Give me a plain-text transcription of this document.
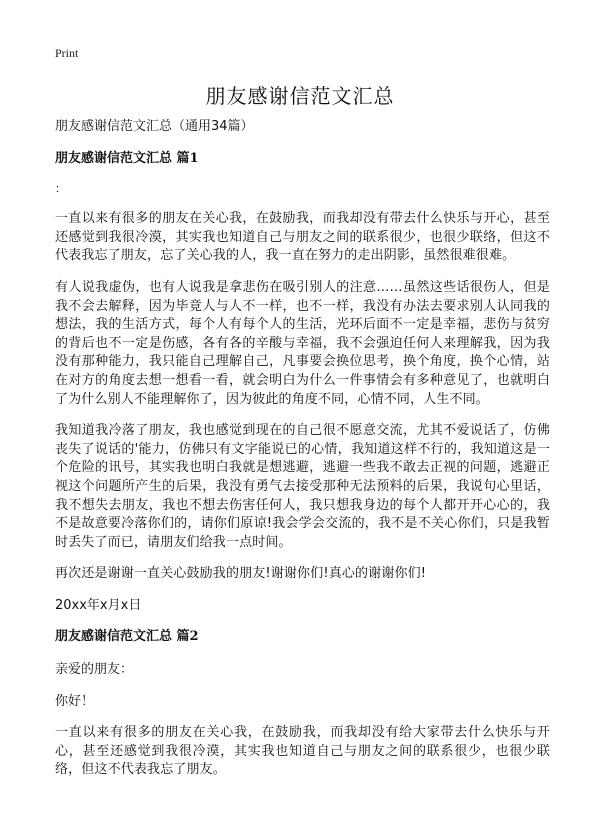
Print
朋友感谢信范文汇总

朋友感谢信范文汇总（通用34篇）

朋友感谢信范文汇总 篇1

：

一直以来有很多的朋友在关心我，在鼓励我，而我却没有带去什么快乐与开心，甚至还感觉到我很冷漠，其实我也知道自己与朋友之间的联系很少，也很少联络，但这不代表我忘了朋友，忘了关心我的人，我一直在努力的走出阴影，虽然很难很难。

有人说我虚伪，也有人说我是拿悲伤在吸引别人的注意……虽然这些话很伤人，但是我不会去解释，因为毕竟人与人不一样，也不一样，我没有办法去要求别人认同我的想法，我的生活方式，每个人有每个人的生活，光环后面不一定是幸福，悲伤与贫穷的背后也不一定是伤感，各有各的辛酸与幸福，我不会强迫任何人来理解我，因为我没有那种能力，我只能自己理解自己，凡事要会换位思考，换个角度，换个心情，站在对方的角度去想一想看一看，就会明白为什么一件事情会有多种意见了，也就明白了为什么别人不能理解你了，因为彼此的角度不同，心情不同，人生不同。

我知道我冷落了朋友，我也感觉到现在的自己很不愿意交流，尤其不爱说话了，仿佛丧失了说话的'能力，仿佛只有文字能说已的心情，我知道这样不行的，我知道这是一个危险的讯号，其实我也明白我就是想逃避，逃避一些我不敢去正视的问题，逃避正视这个问题所产生的后果，我没有勇气去接受那种无法预料的后果，我说句心里话，我不想失去朋友，我也不想去伤害任何人，我只想我身边的每个人都开开心心的，我不是故意要冷落你们的，请你们原谅!我会学会交流的，我不是不关心你们，只是我暂时丢失了而已，请朋友们给我一点时间。

再次还是谢谢一直关心鼓励我的朋友!谢谢你们!真心的谢谢你们!

20xx年x月x日

朋友感谢信范文汇总 篇2

亲爱的朋友：

你好！

一直以来有很多的朋友在关心我，在鼓励我，而我却没有给大家带去什么快乐与开心，甚至还感觉到我很冷漠，其实我也知道自己与朋友之间的联系很少，也很少联络，但这不代表我忘了朋友。
